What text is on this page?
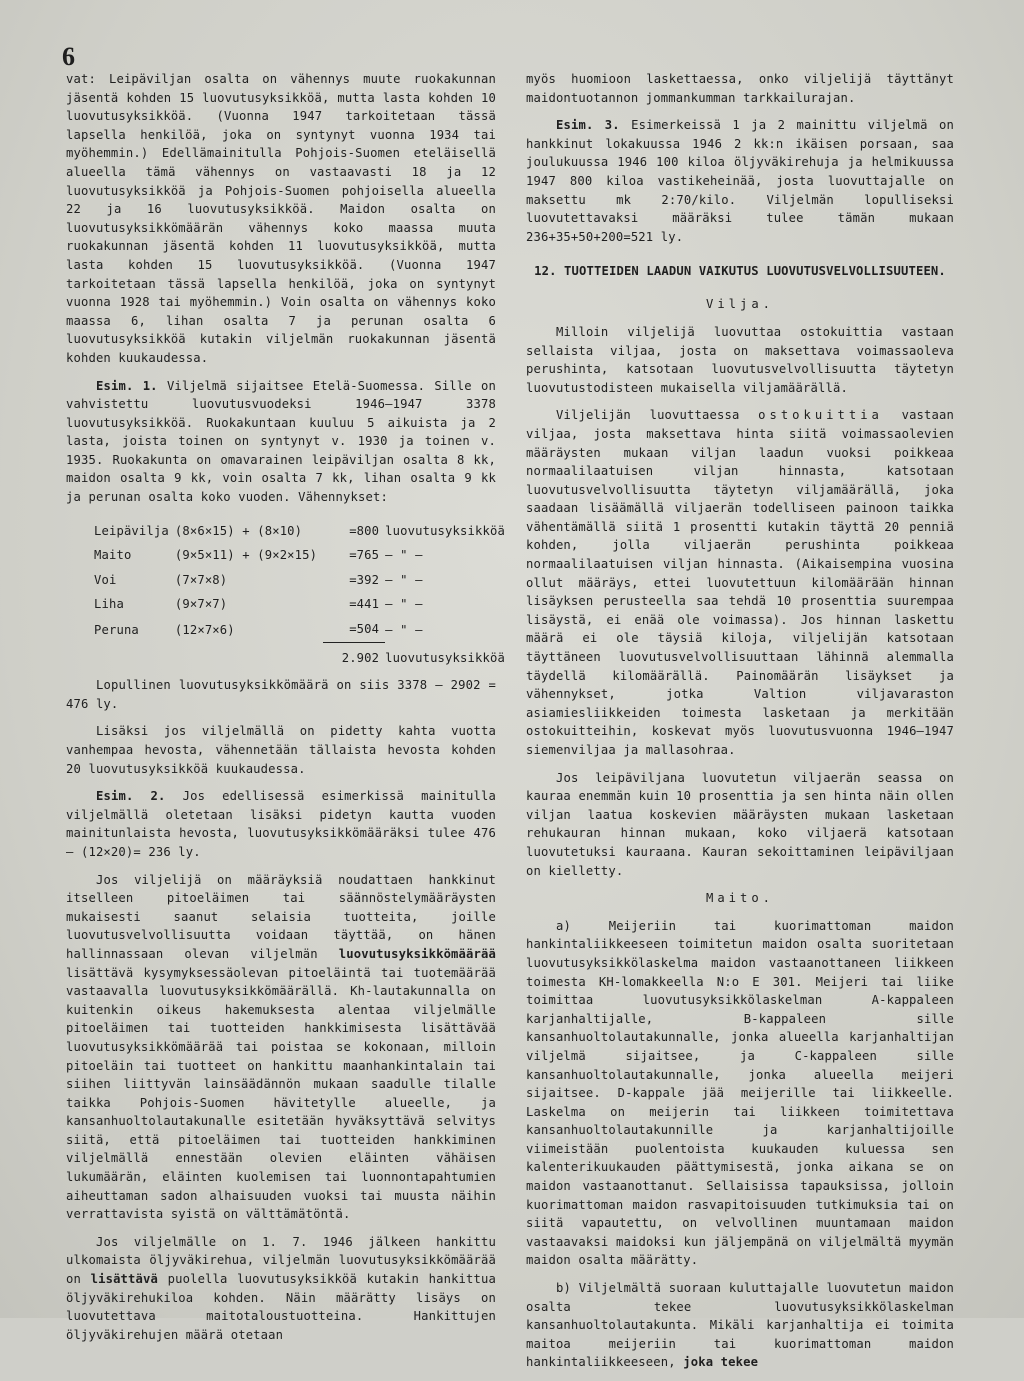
6

vat: Leipäviljan osalta on vähennys muute ruokakunnan jäsentä kohden 15 luovutusyksikköä, mutta lasta kohden 10 luovutusyksikköä. (Vuonna 1947 tarkoitetaan tässä lapsella henkilöä, joka on syntynyt vuonna 1934 tai myöhemmin.) Edellämainitulla Pohjois-Suomen eteläisellä alueella tämä vähennys on vastaavasti 18 ja 12 luovutusyksikköä ja Pohjois-Suomen pohjoisella alueella 22 ja 16 luovutusyksikköä. Maidon osalta on luovutusyksikkömäärän vähennys koko maassa muuta ruokakunnan jäsentä kohden 11 luovutusyksikköä, mutta lasta kohden 15 luovutusyksikköä. (Vuonna 1947 tarkoitetaan tässä lapsella henkilöä, joka on syntynyt vuonna 1928 tai myöhemmin.) Voin osalta on vähennys koko maassa 6, lihan osalta 7 ja perunan osalta 6 luovutusyksikköä kutakin viljelmän ruokakunnan jäsentä kohden kuukaudessa.

Esim. 1. Viljelmä sijaitsee Etelä-Suomessa. Sille on vahvistettu luovutusvuodeksi 1946—1947 3378 luovutusyksikköä. Ruokakuntaan kuuluu 5 aikuista ja 2 lasta, joista toinen on syntynyt v. 1930 ja toinen v. 1935. Ruokakunta on omavarainen leipäviljan osalta 8 kk, maidon osalta 9 kk, voin osalta 7 kk, lihan osalta 9 kk ja perunan osalta koko vuoden. Vähennykset:

Leipävilja	(8×6×15) + (8×10)	=800	luovutusyksikköä
Maito	(9×5×11) + (9×2×15)	=765	— " —
Voi	(7×7×8)	=392	— " —
Liha	(9×7×7)	=441	— " —
Peruna	(12×7×6)	=504	— " —
		2.902	luovutusyksikköä

Lopullinen luovutusyksikkömäärä on siis 3378 — 2902 = 476 ly.

Lisäksi jos viljelmällä on pidetty kahta vuotta vanhempaa hevosta, vähennetään tällaista hevosta kohden 20 luovutusyksikköä kuukaudessa.

Esim. 2. Jos edellisessä esimerkissä mainitulla viljelmällä oletetaan lisäksi pidetyn kautta vuoden mainitunlaista hevosta, luovutusyksikkömääräksi tulee 476 — (12×20)= 236 ly.

Jos viljelijä on määräyksiä noudattaen hankkinut itselleen pitoeläimen tai säännöstelymääräysten mukaisesti saanut selaisia tuotteita, joille luovutusvelvollisuutta voidaan täyttää, on hänen hallinnassaan olevan viljelmän luovutusyksikkömäärää lisättävä kysymyksessäolevan pitoeläintä tai tuotemäärää vastaavalla luovutusyksikkömäärällä. Kh-lautakunnalla on kuitenkin oikeus hakemuksesta alentaa viljelmälle pitoeläimen tai tuotteiden hankkimisesta lisättävää luovutusyksikkömäärää tai poistaa se kokonaan, milloin pitoeläin tai tuotteet on hankittu maanhankintalain tai siihen liittyvän lainsäädännön mukaan saadulle tilalle taikka Pohjois-Suomen hävitetylle alueelle, ja kansanhuoltolautakunalle esitetään hyväksyttävä selvitys siitä, että pitoeläimen tai tuotteiden hankkiminen viljelmällä ennestään olevien eläinten vähäisen lukumäärän, eläinten kuolemisen tai luonnontapahtumien aiheuttaman sadon alhaisuuden vuoksi tai muusta näihin verrattavista syistä on välttämätöntä.

Jos viljelmälle on 1. 7. 1946 jälkeen hankittu ulkomaista öljyväkirehua, viljelmän luovutusyksikkömäärää on lisättävä puolella luovutusyksikköä kutakin hankittua öljyväkirehukiloa kohden. Näin määrätty lisäys on luovutettava maitotaloustuotteina. Hankittujen öljyväkirehujen määrä otetaan

myös huomioon laskettaessa, onko viljelijä täyttänyt maidontuotannon jommankumman tarkkailurajan.

Esim. 3. Esimerkeissä 1 ja 2 mainittu viljelmä on hankkinut lokakuussa 1946 2 kk:n ikäisen porsaan, saa joulukuussa 1946 100 kiloa öljyväkirehuja ja helmikuussa 1947 800 kiloa vastikeheinää, josta luovuttajalle on maksettu mk 2:70/kilo. Viljelmän lopulliseksi luovutettavaksi määräksi tulee tämän mukaan 236+35+50+200=521 ly.

12. TUOTTEIDEN LAADUN VAIKUTUS LUOVUTUSVELVOLLISUUTEEN.

Vilja.

Milloin viljelijä luovuttaa ostokuittia vastaan sellaista viljaa, josta on maksettava voimassaoleva perushinta, katsotaan luovutusvelvollisuutta täytetyn luovutustodisteen mukaisella viljamäärällä.

Viljelijän luovuttaessa ostokuittia vastaan viljaa, josta maksettava hinta siitä voimassaolevien määräysten mukaan viljan laadun vuoksi poikkeaa normaalilaatuisen viljan hinnasta, katsotaan luovutusvelvollisuutta täytetyn viljamäärällä, joka saadaan lisäämällä viljaerän todelliseen painoon taikka vähentämällä siitä 1 prosentti kutakin täyttä 20 penniä kohden, jolla viljaerän perushinta poikkeaa normaalilaatuisen viljan hinnasta. (Aikaisempina vuosina ollut määräys, ettei luovutettuun kilomäärään hinnan lisäyksen perusteella saa tehdä 10 prosenttia suurempaa lisäystä, ei enää ole voimassa). Jos hinnan laskettu määrä ei ole täysiä kiloja, viljelijän katsotaan täyttäneen luovutusvelvollisuuttaan lähinnä alemmalla täydellä kilomäärällä. Painomäärän lisäykset ja vähennykset, jotka Valtion viljavaraston asiamiesliikkeiden toimesta lasketaan ja merkitään ostokuitteihin, koskevat myös luovutusvuonna 1946—1947 siemenviljaa ja mallasohraa.

Jos leipäviljana luovutetun viljaerän seassa on kauraa enemmän kuin 10 prosenttia ja sen hinta näin ollen viljan laatua koskevien määräysten mukaan lasketaan rehukauran hinnan mukaan, koko viljaerä katsotaan luovutetuksi kauraana. Kauran sekoittaminen leipäviljaan on kielletty.

Maito.

a) Meijeriin tai kuorimattoman maidon hankintaliikkeeseen toimitetun maidon osalta suoritetaan luovutusyksikkölaskelma maidon vastaanottaneen liikkeen toimesta KH-lomakkeella N:o E 301. Meijeri tai liike toimittaa luovutusyksikkölaskelman A-kappaleen karjanhaltijalle, B-kappaleen sille kansanhuoltolautakunnalle, jonka alueella karjanhaltijan viljelmä sijaitsee, ja C-kappaleen sille kansanhuoltolautakunnalle, jonka alueella meijeri sijaitsee. D-kappale jää meijerille tai liikkeelle. Laskelma on meijerin tai liikkeen toimitettava kansanhuoltolautakunnille ja karjanhaltijoille viimeistään puolentoista kuukauden kuluessa sen kalenterikuukauden päättymisestä, jonka aikana se on maidon vastaanottanut. Sellaisissa tapauksissa, jolloin kuorimattoman maidon rasvapitoisuuden tutkimuksia tai on siitä vapautettu, on velvollinen muuntamaan maidon vastaavaksi maidoksi kun jäljempänä on viljelmältä myymän maidon osalta määrätty.

b) Viljelmältä suoraan kuluttajalle luovutetun maidon osalta tekee luovutusyksikkölaskelman kansanhuoltolautakunta. Mikäli karjanhaltija ei toimita maitoa meijeriin tai kuorimattoman maidon hankintaliikkeeseen, joka tekee
